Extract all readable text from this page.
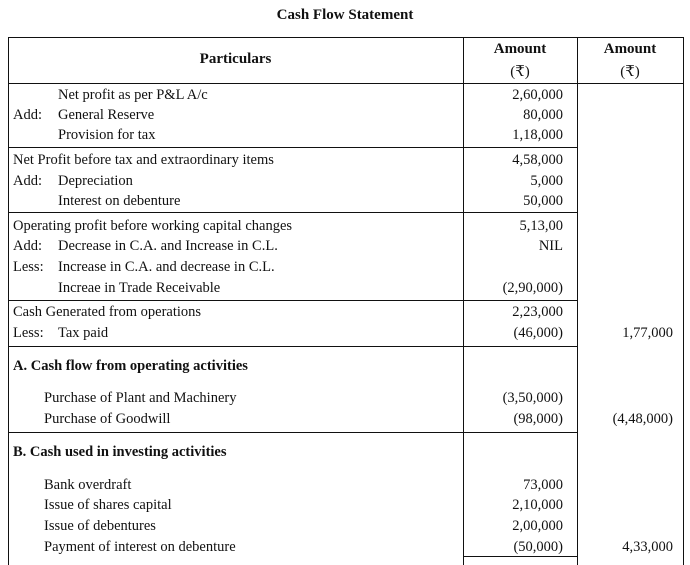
Cash Flow Statement
Particulars
Amount
(₹)
Amount
(₹)
Net profit as per P&L A/c	2,60,000
Add: General Reserve	80,000
Provision for tax	1,18,000
Net Profit before tax and extraordinary items	4,58,000
Add: Depreciation	5,000
Interest on debenture	50,000
Operating profit before working capital changes	5,13,00
Add: Decrease in C.A. and Increase in C.L.	NIL
Less: Increase in C.A. and decrease in C.L.
Increae in Trade Receivable	(2,90,000)
Cash Generated from operations	2,23,000
Less: Tax paid	(46,000)	1,77,000
A. Cash flow from operating activities
Purchase of Plant and Machinery	(3,50,000)
Purchase of Goodwill	(98,000)	(4,48,000)
B. Cash used in investing activities
Bank overdraft	73,000
Issue of shares capital	2,10,000
Issue of debentures	2,00,000
Payment of interest on debenture	(50,000)	4,33,000
